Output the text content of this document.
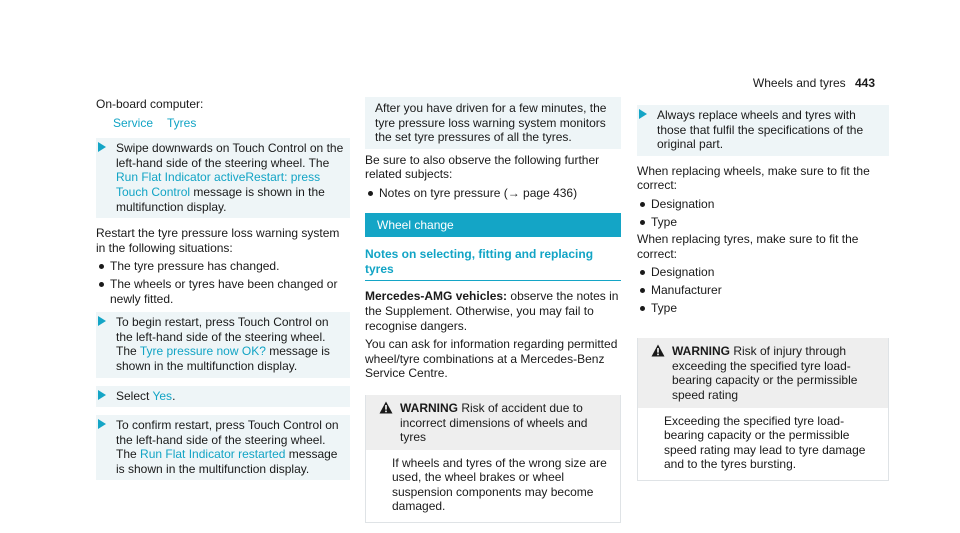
Wheels and tyres 443
On-board computer:
Service Tyres
Swipe downwards on Touch Control on the left-hand side of the steering wheel. The Run Flat Indicator activeRestart: press Touch Control message is shown in the multifunction display.
Restart the tyre pressure loss warning system in the following situations:
The tyre pressure has changed.
The wheels or tyres have been changed or newly fitted.
To begin restart, press Touch Control on the left-hand side of the steering wheel. The Tyre pressure now OK? message is shown in the multifunction display.
Select Yes.
To confirm restart, press Touch Control on the left-hand side of the steering wheel. The Run Flat Indicator restarted message is shown in the multifunction display.
After you have driven for a few minutes, the tyre pressure loss warning system monitors the set tyre pressures of all the tyres.
Be sure to also observe the following further related subjects:
Notes on tyre pressure (→ page 436)
Wheel change
Notes on selecting, fitting and replacing tyres
Mercedes-AMG vehicles: observe the notes in the Supplement. Otherwise, you may fail to recognise dangers.
You can ask for information regarding permitted wheel/tyre combinations at a Mercedes-Benz Service Centre.
WARNING Risk of accident due to incorrect dimensions of wheels and tyres
If wheels and tyres of the wrong size are used, the wheel brakes or wheel suspension components may become damaged.
Always replace wheels and tyres with those that fulfil the specifications of the original part.
When replacing wheels, make sure to fit the correct:
Designation
Type
When replacing tyres, make sure to fit the correct:
Designation
Manufacturer
Type
WARNING Risk of injury through exceeding the specified tyre load-bearing capacity or the permissible speed rating
Exceeding the specified tyre load-bearing capacity or the permissible speed rating may lead to tyre damage and to the tyres bursting.
